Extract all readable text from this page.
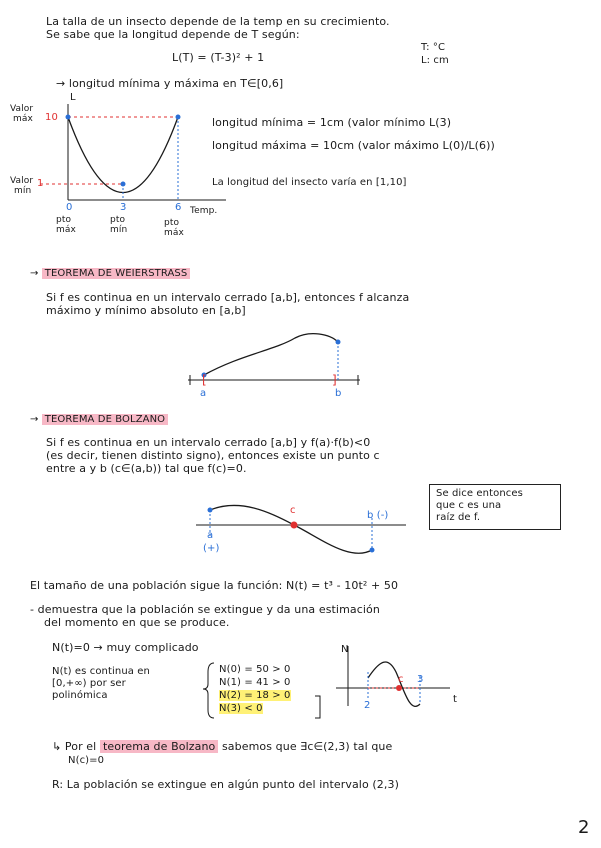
La talla de un insecto depende de la temp en su crecimiento.
Se sabe que la longitud depende de T según:
L(T) = (T-3)² + 1
T: °C
L: cm
→ longitud mínima y máxima en T∈[0,6]
L
Valor
máx 10
Valor
mín
1
0	3	6 Temp.
pto
máx
pto
mín
pto
máx
longitud mínima = 1cm (valor mínimo L(3)
longitud máxima = 10cm (valor máximo L(0)/L(6))
La longitud del insecto varía en [1,10]
→ TEOREMA DE WEIERSTRASS
Si f es continua en un intervalo cerrado [a,b], entonces f alcanza
máximo y mínimo absoluto en [a,b]
[	]
a	b
→ TEOREMA DE BOLZANO
Si f es continua en un intervalo cerrado [a,b] y f(a)·f(b)<0
(es decir, tienen distinto signo), entonces existe un punto c
entre a y b (c∈(a,b)) tal que f(c)=0.
Se dice entonces
que c es una
raíz de f.
c	b (-)
a
(+)
El tamaño de una población sigue la función: N(t) = t³ - 10t² + 50
- demuestra que la población se extingue y da una estimación
del momento en que se produce.
N(t)=0 → muy complicado
N(t) es continua en
[0,+∞) por ser
polinómica
N(0) = 50 > 0
N(1) = 41 > 0
N(2) = 18 > 0
N(3) < 0
N
t
c 3
2
↳ Por el teorema de Bolzano sabemos que ∃c∈(2,3) tal que
N(c)=0
R: La población se extingue en algún punto del intervalo (2,3)
2
